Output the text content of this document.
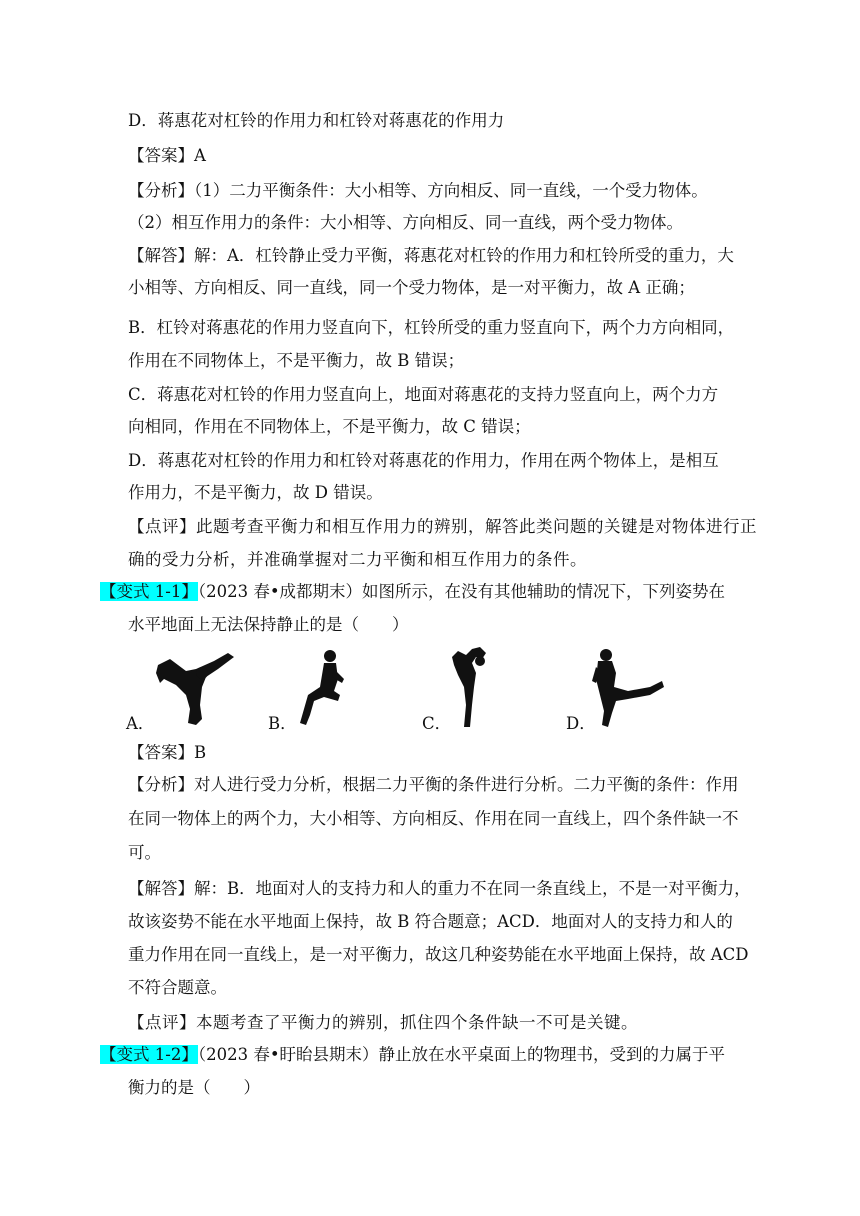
D．蒋惠花对杠铃的作用力和杠铃对蒋惠花的作用力
【答案】A
【分析】（1）二力平衡条件：大小相等、方向相反、同一直线，一个受力物体。
（2）相互作用力的条件：大小相等、方向相反、同一直线，两个受力物体。
【解答】解：A．杠铃静止受力平衡，蒋惠花对杠铃的作用力和杠铃所受的重力，大
小相等、方向相反、同一直线，同一个受力物体，是一对平衡力，故 A 正确；
B．杠铃对蒋惠花的作用力竖直向下，杠铃所受的重力竖直向下，两个力方向相同，
作用在不同物体上，不是平衡力，故 B 错误；
C．蒋惠花对杠铃的作用力竖直向上，地面对蒋惠花的支持力竖直向上，两个力方
向相同，作用在不同物体上，不是平衡力，故 C 错误；
D．蒋惠花对杠铃的作用力和杠铃对蒋惠花的作用力，作用在两个物体上，是相互
作用力，不是平衡力，故 D 错误。
【点评】此题考查平衡力和相互作用力的辨别，解答此类问题的关键是对物体进行正
确的受力分析，并准确掌握对二力平衡和相互作用力的条件。
【变式 1-1】（2023 春•成都期末）如图所示，在没有其他辅助的情况下，下列姿势在
水平地面上无法保持静止的是（　　）
A．	B．	C．	D．
【答案】B
【分析】对人进行受力分析，根据二力平衡的条件进行分析。二力平衡的条件：作用
在同一物体上的两个力，大小相等、方向相反、作用在同一直线上，四个条件缺一不
可。
【解答】解：B．地面对人的支持力和人的重力不在同一条直线上，不是一对平衡力，
故该姿势不能在水平地面上保持，故 B 符合题意；ACD．地面对人的支持力和人的
重力作用在同一直线上，是一对平衡力，故这几种姿势能在水平地面上保持，故 ACD
不符合题意。
【点评】本题考查了平衡力的辨别，抓住四个条件缺一不可是关键。
【变式 1-2】（2023 春•盱眙县期末）静止放在水平桌面上的物理书，受到的力属于平
衡力的是（　　）
